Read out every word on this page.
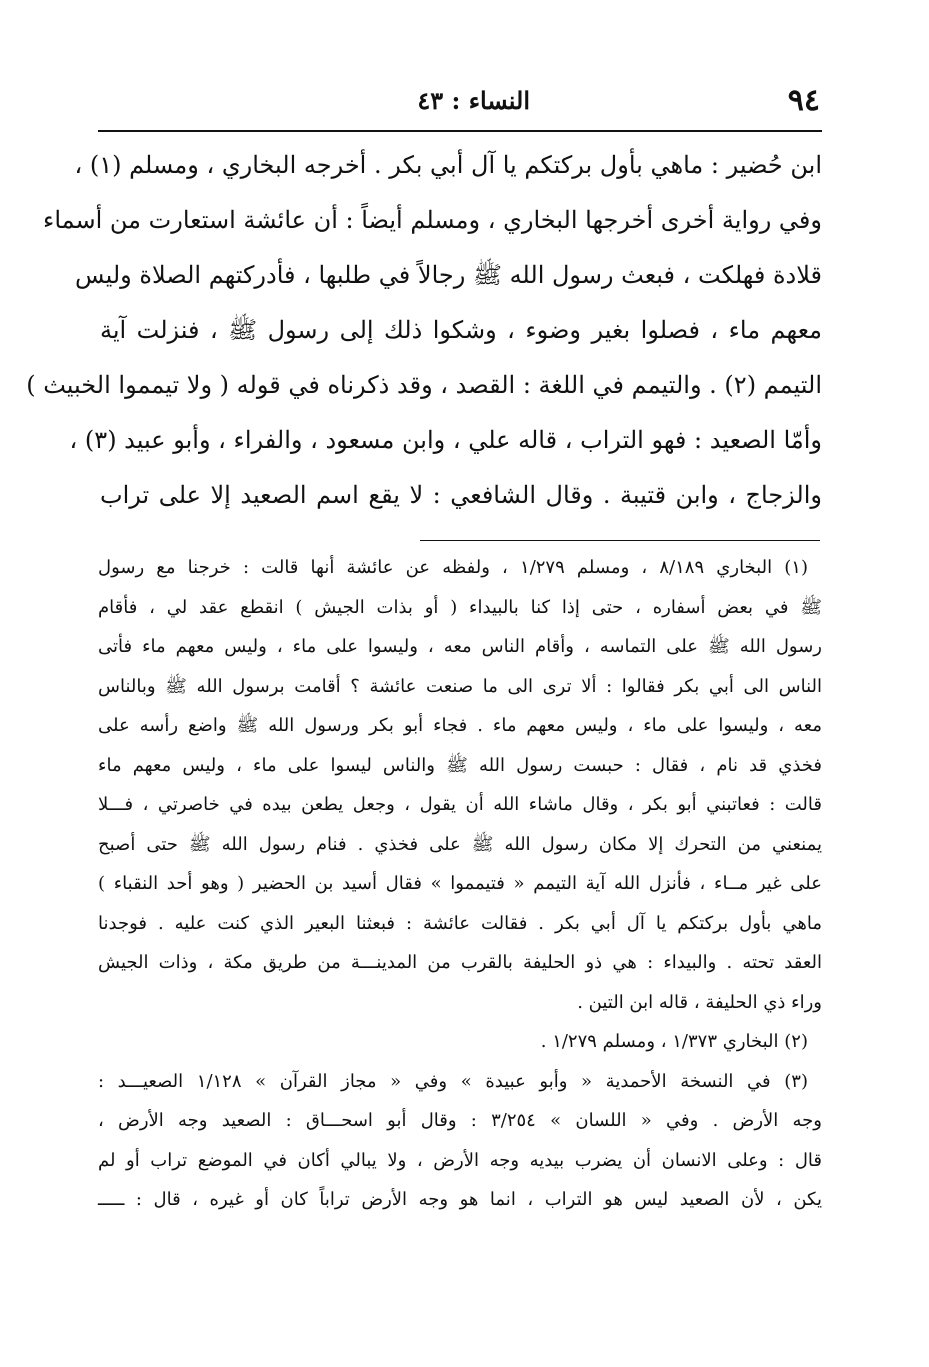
٩٤
النساء : ٤٣
ابن حُضير : ماهي بأول بركتكم يا آل أبي بكر . أخرجه البخاري ، ومسلم (١) ،
وفي رواية أخرى أخرجها البخاري ، ومسلم أيضاً : أن عائشة استعارت من أسماء
قلادة فهلكت ، فبعث رسول الله ﷺ رجالاً في طلبها ، فأدركتهم الصلاة وليس
معهم ماء ، فصلوا بغير وضوء ، وشكوا ذلك إلى رسول ﷺ ، فنزلت آية
التيمم (٢) . والتيمم في اللغة : القصد ، وقد ذكرناه في قوله ( ولا تيمموا الخبيث )
وأمّا الصعيد : فهو التراب ، قاله علي ، وابن مسعود ، والفراء ، وأبو عبيد (٣) ،
والزجاج ، وابن قتيبة . وقال الشافعي : لا يقع اسم الصعيد إلا على تراب
(١) البخاري ٨/١٨٩ ، ومسلم ١/٢٧٩ ، ولفظه عن عائشة أنها قالت : خرجنا مع رسول
ﷺ في بعض أسفاره ، حتى إذا كنا بالبيداء ( أو بذات الجيش ) انقطع عقد لي ، فأقام
رسول الله ﷺ على التماسه ، وأقام الناس معه ، وليسوا على ماء ، وليس معهم ماء فأتى
الناس الى أبي بكر فقالوا : ألا ترى الى ما صنعت عائشة ؟ أقامت برسول الله ﷺ وبالناس
معه ، وليسوا على ماء ، وليس معهم ماء . فجاء أبو بكر ورسول الله ﷺ واضع رأسه على
فخذي قد نام ، فقال : حبست رسول الله ﷺ والناس ليسوا على ماء ، وليس معهم ماء
قالت : فعاتبني أبو بكر ، وقال ماشاء الله أن يقول ، وجعل يطعن بيده في خاصرتي ، فـــلا
يمنعني من التحرك إلا مكان رسول الله ﷺ على فخذي . فنام رسول الله ﷺ حتى أصبح
على غير مــاء ، فأنزل الله آية التيمم « فتيمموا » فقال أسيد بن الحضير ( وهو أحد النقباء )
ماهي بأول بركتكم يا آل أبي بكر . فقالت عائشة : فبعثنا البعير الذي كنت عليه . فوجدنا
العقد تحته . والبيداء : هي ذو الحليفة بالقرب من المدينـــة من طريق مكة ، وذات الجيش
وراء ذي الحليفة ، قاله ابن التين .
(٢) البخاري ١/٣٧٣ ، ومسلم ١/٢٧٩ .
(٣) في النسخة الأحمدية « وأبو عبيدة » وفي « مجاز القرآن » ١/١٢٨ الصعيـــد :
وجه الأرض . وفي « اللسان » ٣/٢٥٤ : وقال أبو اسحـــاق : الصعيد وجه الأرض ،
قال : وعلى الانسان أن يضرب بيديه وجه الأرض ، ولا يبالي أكان في الموضع تراب أو لم
يكن ، لأن الصعيد ليس هو التراب ، انما هو وجه الأرض تراباً كان أو غيره ، قال : ـــــ
